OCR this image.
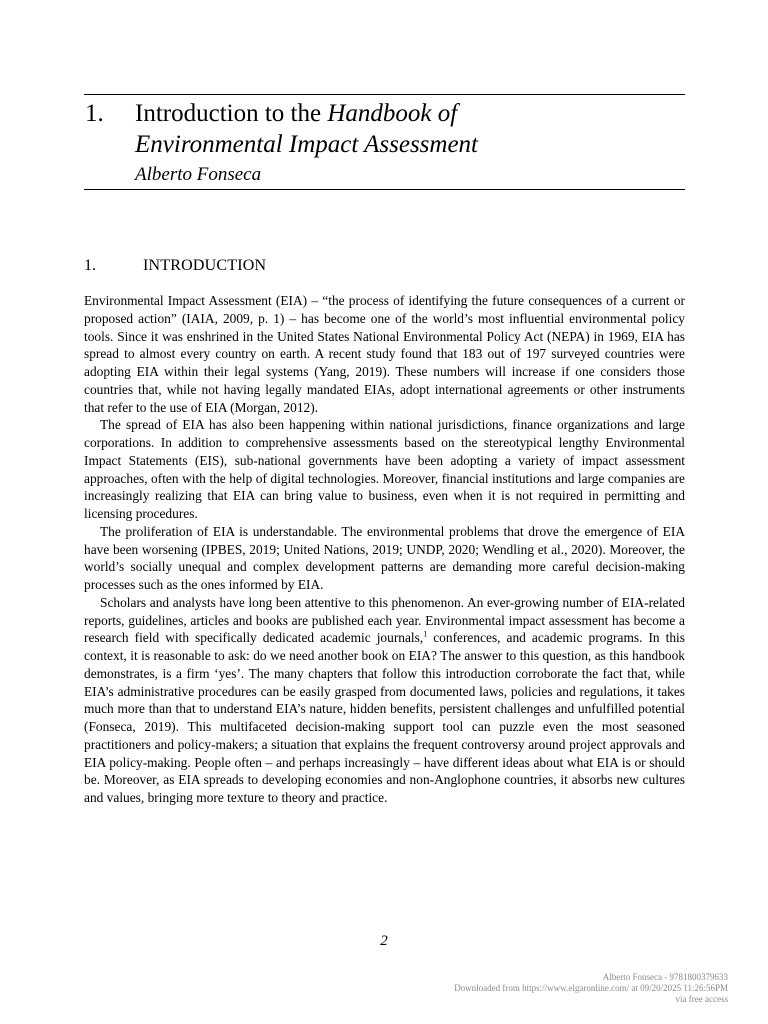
1. Introduction to the Handbook of
Environmental Impact Assessment
Alberto Fonseca
1.	INTRODUCTION

Environmental Impact Assessment (EIA) – “the process of identifying the future consequences of a current or proposed action” (IAIA, 2009, p. 1) – has become one of the world’s most influential environmental policy tools. Since it was enshrined in the United States National Environmental Policy Act (NEPA) in 1969, EIA has spread to almost every country on earth. A recent study found that 183 out of 197 surveyed countries were adopting EIA within their legal systems (Yang, 2019). These numbers will increase if one considers those countries that, while not having legally mandated EIAs, adopt international agreements or other instruments that refer to the use of EIA (Morgan, 2012).

The spread of EIA has also been happening within national jurisdictions, finance organizations and large corporations. In addition to comprehensive assessments based on the stereotypical lengthy Environmental Impact Statements (EIS), sub-national governments have been adopting a variety of impact assessment approaches, often with the help of digital technologies. Moreover, financial institutions and large companies are increasingly realizing that EIA can bring value to business, even when it is not required in permitting and licensing procedures.

The proliferation of EIA is understandable. The environmental problems that drove the emergence of EIA have been worsening (IPBES, 2019; United Nations, 2019; UNDP, 2020; Wendling et al., 2020). Moreover, the world’s socially unequal and complex development patterns are demanding more careful decision-making processes such as the ones informed by EIA.

Scholars and analysts have long been attentive to this phenomenon. An ever-growing number of EIA-related reports, guidelines, articles and books are published each year. Environmental impact assessment has become a research field with specifically dedicated academic journals,$^1$ conferences, and academic programs. In this context, it is reasonable to ask: do we need another book on EIA? The answer to this question, as this handbook demonstrates, is a firm ‘yes’. The many chapters that follow this introduction corroborate the fact that, while EIA’s administrative procedures can be easily grasped from documented laws, policies and regulations, it takes much more than that to understand EIA’s nature, hidden benefits, persistent challenges and unfulfilled potential (Fonseca, 2019). This multifaceted decision-making support tool can puzzle even the most seasoned practitioners and policy-makers; a situation that explains the frequent controversy around project approvals and EIA policy-making. People often – and perhaps increasingly – have different ideas about what EIA is or should be. Moreover, as EIA spreads to developing economies and non-Anglophone countries, it absorbs new cultures and values, bringing more texture to theory and practice.

2
Alberto Fonseca - 9781800379633
Downloaded from https://www.elgaronline.com/ at 09/20/2025 11:26:56PM
via free access
